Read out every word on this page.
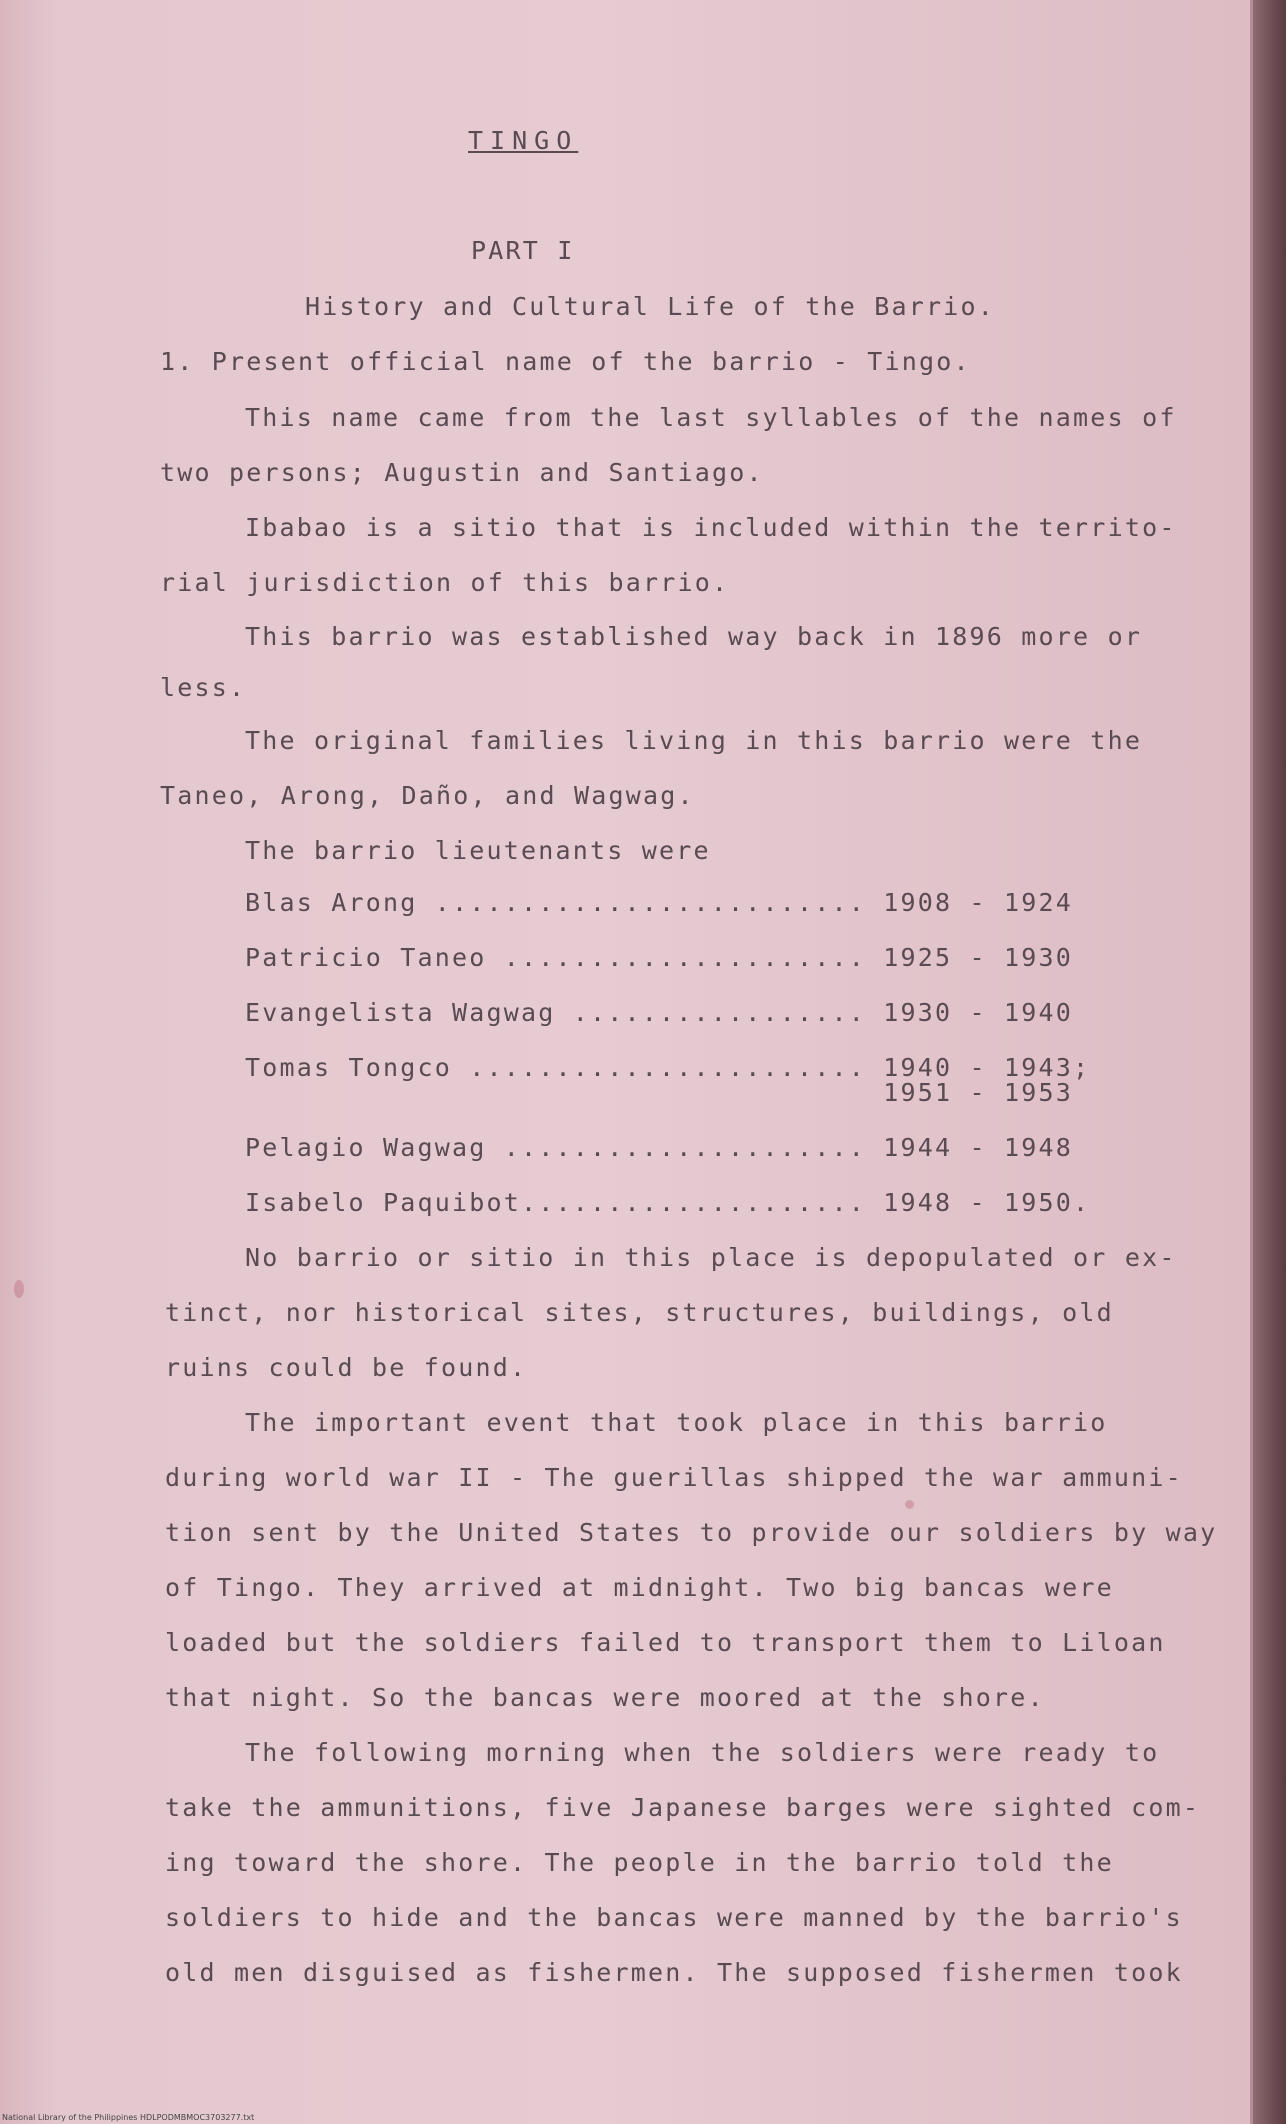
TINGO
PART I
History and Cultural Life of the Barrio.
1. Present official name of the barrio - Tingo.
This name came from the last syllables of the names of
two persons; Augustin and Santiago.
Ibabao is a sitio that is included within the territo-
rial jurisdiction of this barrio.
This barrio was established way back in 1896 more or
less.
The original families living in this barrio were the
Taneo, Arong, Daño, and Wagwag.
The barrio lieutenants were
Blas Arong ......................... 1908 - 1924
Patricio Taneo ..................... 1925 - 1930
Evangelista Wagwag ................. 1930 - 1940
Tomas Tongco ....................... 1940 - 1943;
1951 - 1953
Pelagio Wagwag ..................... 1944 - 1948
Isabelo Paquibot.................... 1948 - 1950.
No barrio or sitio in this place is depopulated or ex-
tinct, nor historical sites, structures, buildings, old
ruins could be found.
The important event that took place in this barrio
during world war II - The guerillas shipped the war ammuni-
tion sent by the United States to provide our soldiers by way
of Tingo. They arrived at midnight. Two big bancas were
loaded but the soldiers failed to transport them to Liloan
that night. So the bancas were moored at the shore.
The following morning when the soldiers were ready to
take the ammunitions, five Japanese barges were sighted com-
ing toward the shore. The people in the barrio told the
soldiers to hide and the bancas were manned by the barrio's
old men disguised as fishermen. The supposed fishermen took
National Library of the Philippines HDLPODMBMOC3703277.txt
